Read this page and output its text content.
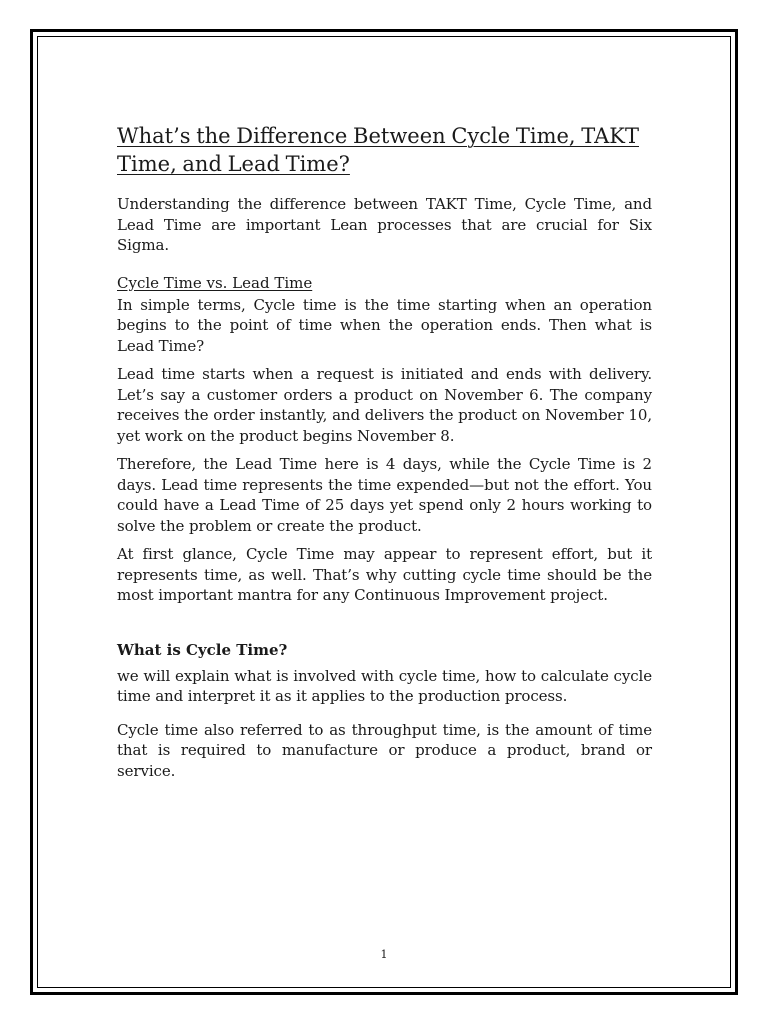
What’s the Difference Between Cycle Time, TAKT Time, and Lead Time?

Understanding the difference between TAKT Time, Cycle Time, and Lead Time are important Lean processes that are crucial for Six Sigma.

Cycle Time vs. Lead Time

In simple terms, Cycle time is the time starting when an operation begins to the point of time when the operation ends. Then what is Lead Time?

Lead time starts when a request is initiated and ends with delivery. Let’s say a customer orders a product on November 6. The company receives the order instantly, and delivers the product on November 10, yet work on the product begins November 8.

Therefore, the Lead Time here is 4 days, while the Cycle Time is 2 days. Lead time represents the time expended—but not the effort. You could have a Lead Time of 25 days yet spend only 2 hours working to solve the problem or create the product.

At first glance, Cycle Time may appear to represent effort, but it represents time, as well. That’s why cutting cycle time should be the most important mantra for any Continuous Improvement project.

What is Cycle Time?

we will explain what is involved with cycle time, how to calculate cycle time and interpret it as it applies to the production process.

Cycle time also referred to as throughput time, is the amount of time that is required to manufacture or produce a product, brand or service.

1
